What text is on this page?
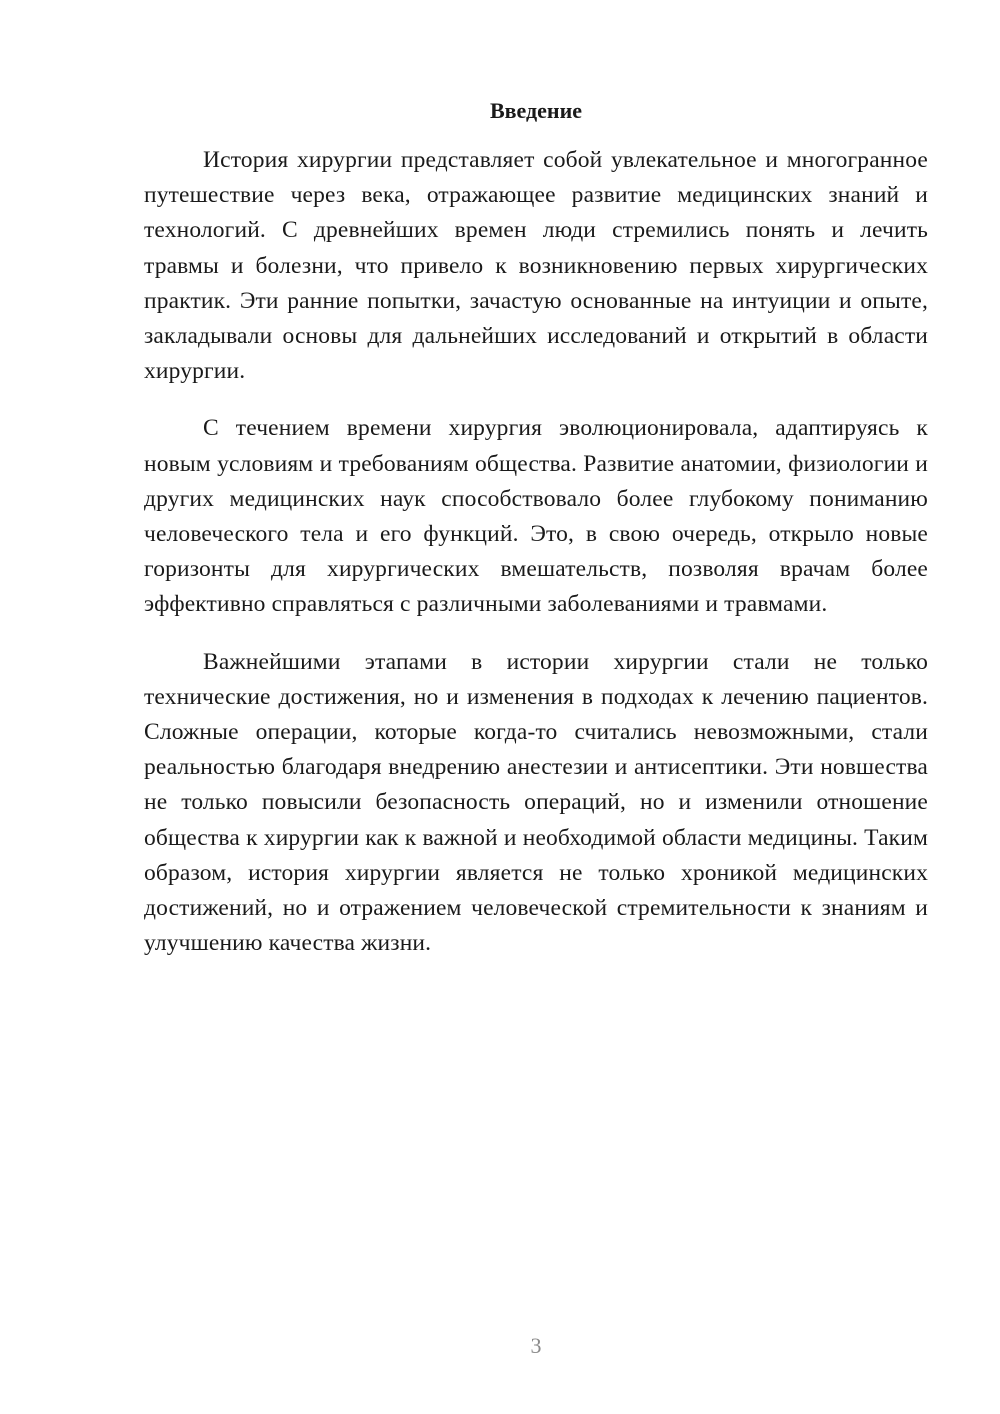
Введение

История хирургии представляет собой увлекательное и многогранное путешествие через века, отражающее развитие медицинских знаний и технологий. С древнейших времен люди стремились понять и лечить травмы и болезни, что привело к возникновению первых хирургических практик. Эти ранние попытки, зачастую основанные на интуиции и опыте, закладывали основы для дальнейших исследований и открытий в области хирургии.

С течением времени хирургия эволюционировала, адаптируясь к новым условиям и требованиям общества. Развитие анатомии, физиологии и других медицинских наук способствовало более глубокому пониманию человеческого тела и его функций. Это, в свою очередь, открыло новые горизонты для хирургических вмешательств, позволяя врачам более эффективно справляться с различными заболеваниями и травмами.

Важнейшими этапами в истории хирургии стали не только технические достижения, но и изменения в подходах к лечению пациентов. Сложные операции, которые когда-то считались невозможными, стали реальностью благодаря внедрению анестезии и антисептики. Эти новшества не только повысили безопасность операций, но и изменили отношение общества к хирургии как к важной и необходимой области медицины. Таким образом, история хирургии является не только хроникой медицинских достижений, но и отражением человеческой стремительности к знаниям и улучшению качества жизни.

3
